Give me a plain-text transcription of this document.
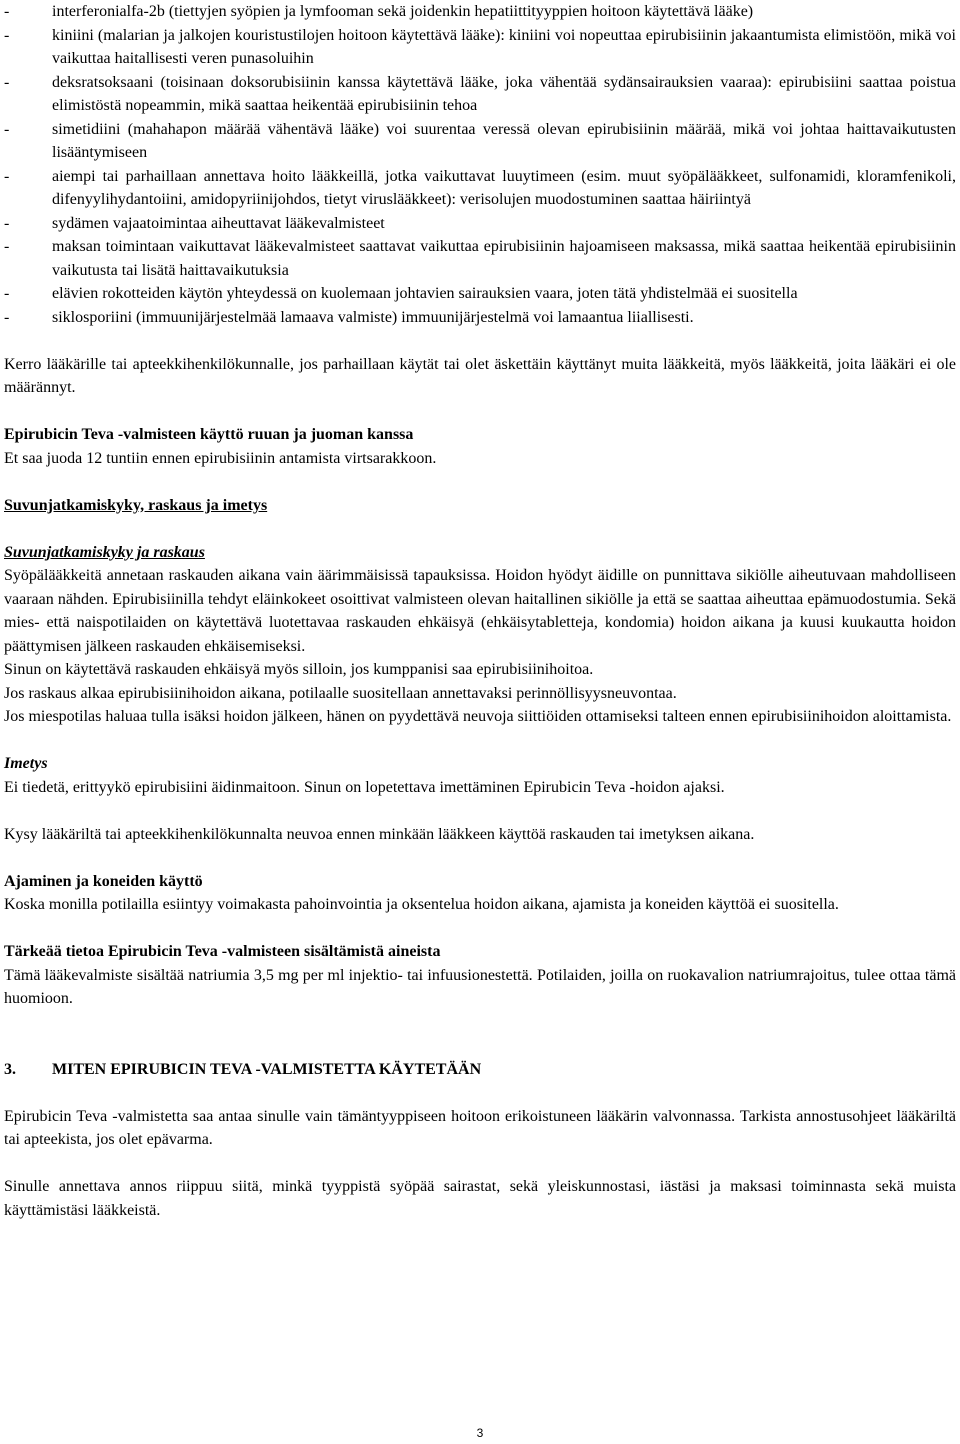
-	interferonialfa-2b (tiettyjen syöpien ja lymfooman sekä joidenkin hepatiittityyppien hoitoon käytettävä lääke)
-	kiniini (malarian ja jalkojen kouristustilojen hoitoon käytettävä lääke): kiniini voi nopeuttaa epirubisiinin jakaantumista elimistöön, mikä voi vaikuttaa haitallisesti veren punasoluihin
-	deksratsoksaani (toisinaan doksorubisiinin kanssa käytettävä lääke, joka vähentää sydänsairauksien vaaraa): epirubisiini saattaa poistua elimistöstä nopeammin, mikä saattaa heikentää epirubisiinin tehoa
-	simetidiini (mahahapon määrää vähentävä lääke) voi suurentaa veressä olevan epirubisiinin määrää, mikä voi johtaa haittavaikutusten lisääntymiseen
-	aiempi tai parhaillaan annettava hoito lääkkeillä, jotka vaikuttavat luuytimeen (esim. muut syöpälääkkeet, sulfonamidi, kloramfenikoli, difenyylihydantoiini, amidopyriinijohdos, tietyt viruslääkkeet): verisolujen muodostuminen saattaa häiriintyä
-	sydämen vajaatoimintaa aiheuttavat lääkevalmisteet
-	maksan toimintaan vaikuttavat lääkevalmisteet saattavat vaikuttaa epirubisiinin hajoamiseen maksassa, mikä saattaa heikentää epirubisiinin vaikutusta tai lisätä haittavaikutuksia
-	elävien rokotteiden käytön yhteydessä on kuolemaan johtavien sairauksien vaara, joten tätä yhdistelmää ei suositella
-	siklosporiini (immuunijärjestelmää lamaava valmiste) immuunijärjestelmä voi lamaantua liiallisesti.

Kerro lääkärille tai apteekkihenkilökunnalle, jos parhaillaan käytät tai olet äskettäin käyttänyt muita lääkkeitä, myös lääkkeitä, joita lääkäri ei ole määrännyt.

Epirubicin Teva -valmisteen käyttö ruuan ja juoman kanssa

Et saa juoda 12 tuntiin ennen epirubisiinin antamista virtsarakkoon.

Suvunjatkamiskyky, raskaus ja imetys

Suvunjatkamiskyky ja raskaus

Syöpälääkkeitä annetaan raskauden aikana vain äärimmäisissä tapauksissa. Hoidon hyödyt äidille on punnittava sikiölle aiheutuvaan mahdolliseen vaaraan nähden. Epirubisiinilla tehdyt eläinkokeet osoittivat valmisteen olevan haitallinen sikiölle ja että se saattaa aiheuttaa epämuodostumia. Sekä mies- että naispotilaiden on käytettävä luotettavaa raskauden ehkäisyä (ehkäisytabletteja, kondomia) hoidon aikana ja kuusi kuukautta hoidon päättymisen jälkeen raskauden ehkäisemiseksi.

Sinun on käytettävä raskauden ehkäisyä myös silloin, jos kumppanisi saa epirubisiinihoitoa.

Jos raskaus alkaa epirubisiinihoidon aikana, potilaalle suositellaan annettavaksi perinnöllisyysneuvontaa.

Jos miespotilas haluaa tulla isäksi hoidon jälkeen, hänen on pyydettävä neuvoja siittiöiden ottamiseksi talteen ennen epirubisiinihoidon aloittamista.

Imetys

Ei tiedetä, erittyykö epirubisiini äidinmaitoon. Sinun on lopetettava imettäminen Epirubicin Teva -hoidon ajaksi.

Kysy lääkäriltä tai apteekkihenkilökunnalta neuvoa ennen minkään lääkkeen käyttöä raskauden tai imetyksen aikana.

Ajaminen ja koneiden käyttö

Koska monilla potilailla esiintyy voimakasta pahoinvointia ja oksentelua hoidon aikana, ajamista ja koneiden käyttöä ei suositella.

Tärkeää tietoa Epirubicin Teva -valmisteen sisältämistä aineista

Tämä lääkevalmiste sisältää natriumia 3,5 mg per ml injektio- tai infuusionestettä. Potilaiden, joilla on ruokavalion natriumrajoitus, tulee ottaa tämä huomioon.

3. MITEN EPIRUBICIN TEVA -VALMISTETTA KÄYTETÄÄN

Epirubicin Teva -valmistetta saa antaa sinulle vain tämäntyyppiseen hoitoon erikoistuneen lääkärin valvonnassa. Tarkista annostusohjeet lääkäriltä tai apteekista, jos olet epävarma.

Sinulle annettava annos riippuu siitä, minkä tyyppistä syöpää sairastat, sekä yleiskunnostasi, iästäsi ja maksasi toiminnasta sekä muista käyttämistäsi lääkkeistä.

3
